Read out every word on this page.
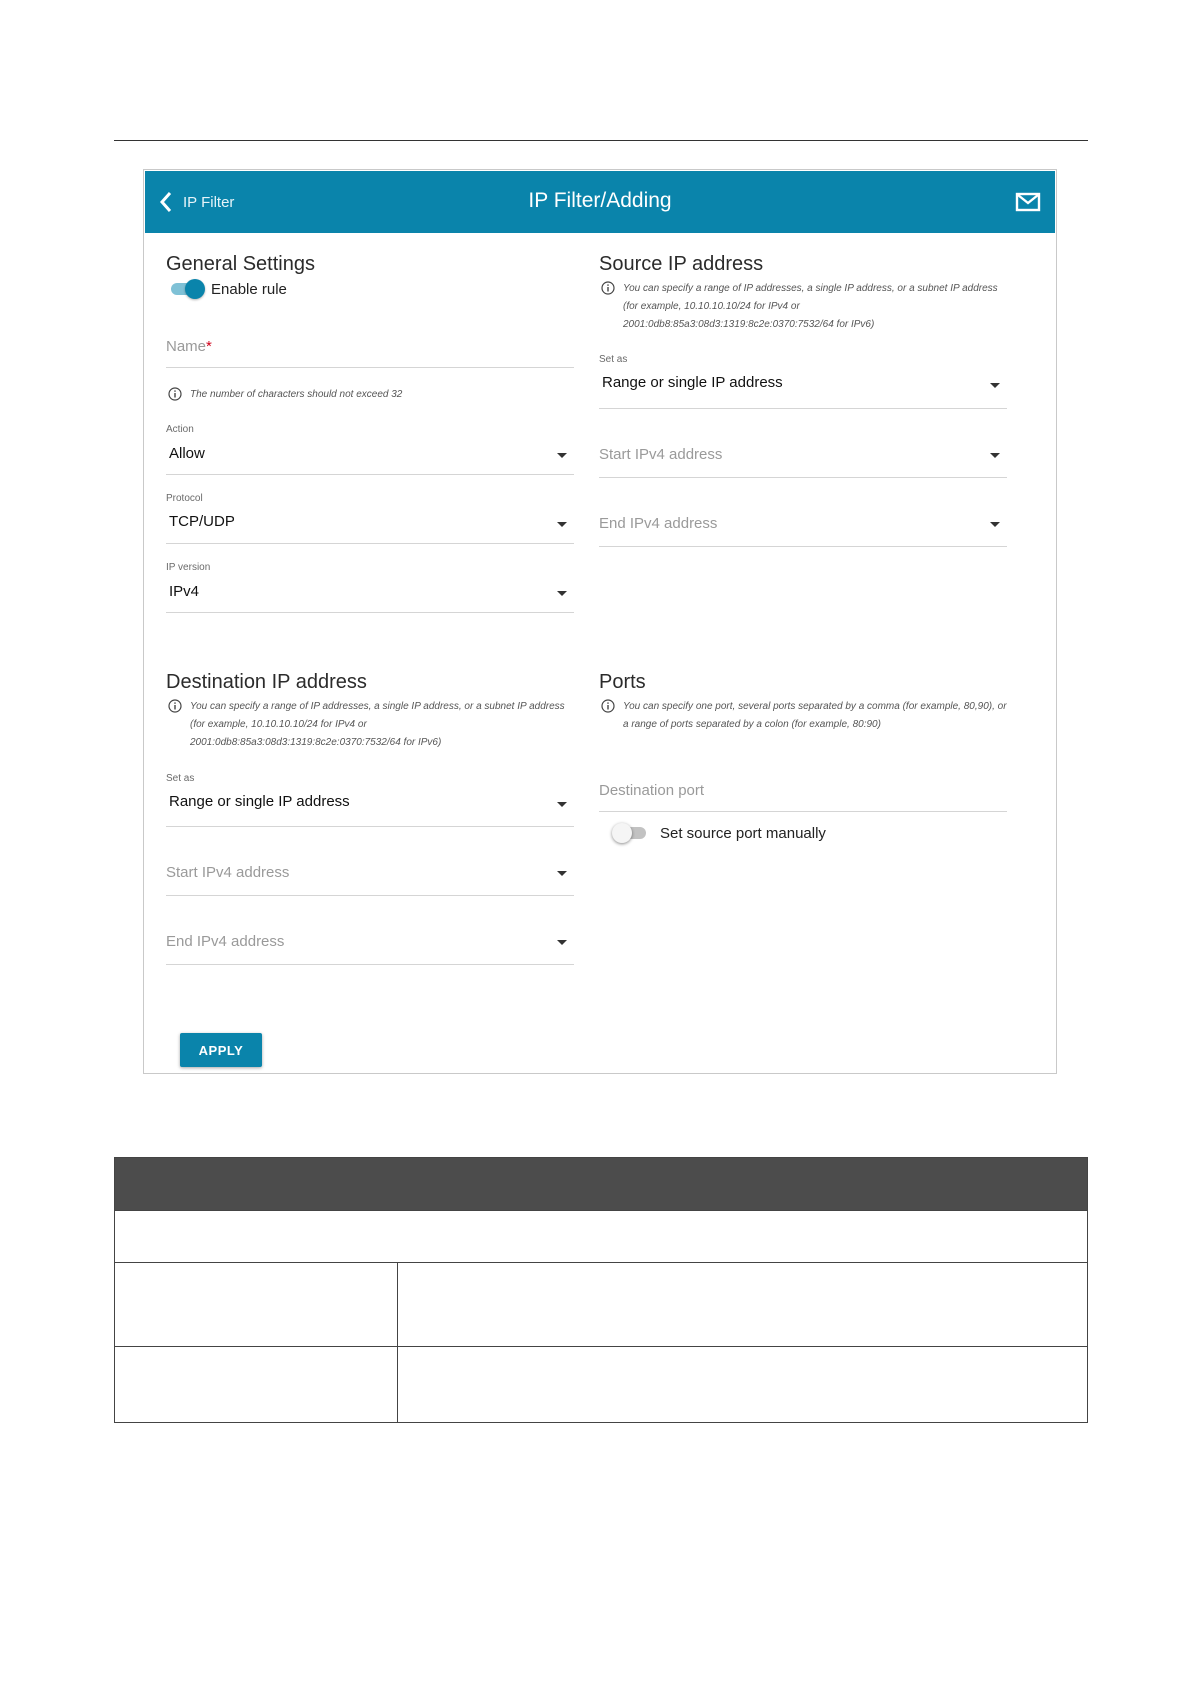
IP Filter	IP Filter/Adding
General Settings
Enable rule
Name*
The number of characters should not exceed 32
Action
Allow
Protocol
TCP/UDP
IP version
IPv4
Source IP address
You can specify a range of IP addresses, a single IP address, or a subnet IP address (for example, 10.10.10.10/24 for IPv4 or 2001:0db8:85a3:08d3:1319:8c2e:0370:7532/64 for IPv6)
Set as
Range or single IP address
Start IPv4 address
End IPv4 address
Destination IP address
You can specify a range of IP addresses, a single IP address, or a subnet IP address (for example, 10.10.10.10/24 for IPv4 or 2001:0db8:85a3:08d3:1319:8c2e:0370:7532/64 for IPv6)
Set as
Range or single IP address
Start IPv4 address
End IPv4 address
Ports
You can specify one port, several ports separated by a comma (for example, 80,90), or a range of ports separated by a colon (for example, 80:90)
Destination port
Set source port manually
APPLY
